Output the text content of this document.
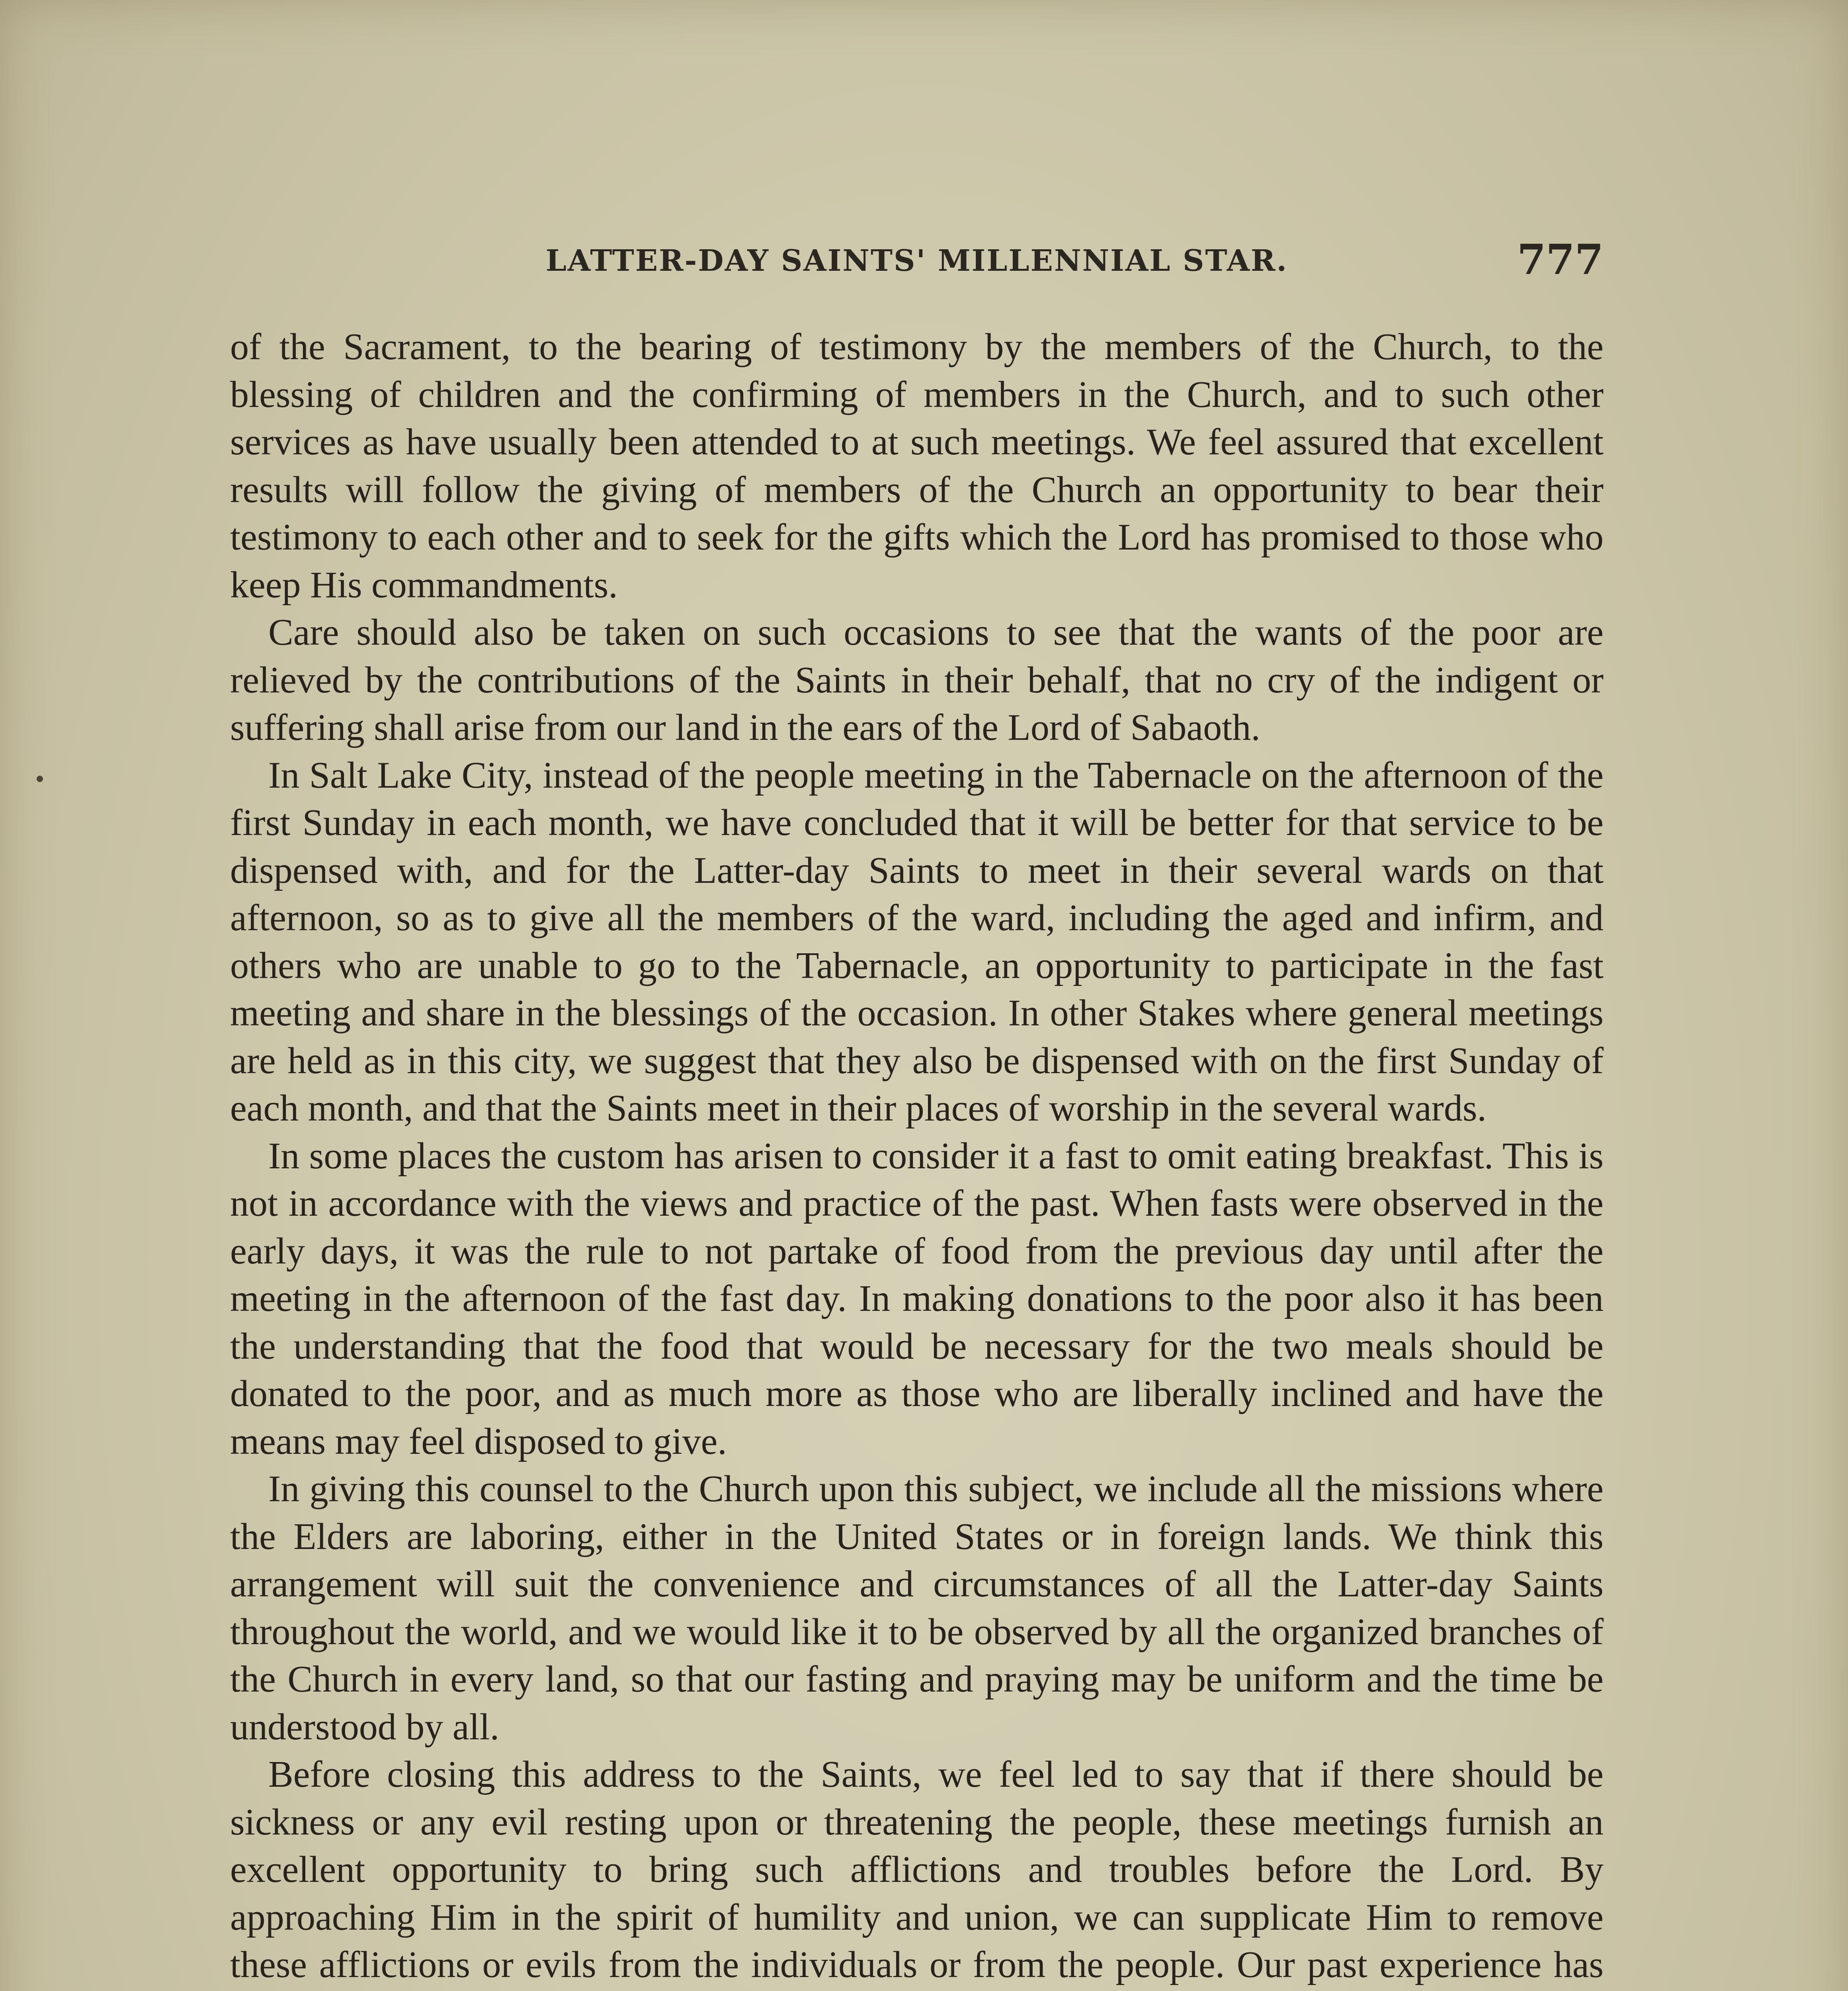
LATTER-DAY SAINTS' MILLENNIAL STAR.	777

of the Sacrament, to the bearing of testimony by the members of the Church, to the blessing of children and the confirming of members in the Church, and to such other services as have usually been attended to at such meetings. We feel assured that excellent results will follow the giving of members of the Church an opportunity to bear their testimony to each other and to seek for the gifts which the Lord has promised to those who keep His commandments.

Care should also be taken on such occasions to see that the wants of the poor are relieved by the contributions of the Saints in their behalf, that no cry of the indigent or suffering shall arise from our land in the ears of the Lord of Sabaoth.

In Salt Lake City, instead of the people meeting in the Tabernacle on the afternoon of the first Sunday in each month, we have concluded that it will be better for that service to be dispensed with, and for the Latter-day Saints to meet in their several wards on that afternoon, so as to give all the members of the ward, including the aged and infirm, and others who are unable to go to the Tabernacle, an opportunity to participate in the fast meeting and share in the blessings of the occasion. In other Stakes where general meetings are held as in this city, we suggest that they also be dispensed with on the first Sunday of each month, and that the Saints meet in their places of worship in the several wards.

In some places the custom has arisen to consider it a fast to omit eating breakfast. This is not in accordance with the views and practice of the past. When fasts were observed in the early days, it was the rule to not partake of food from the previous day until after the meeting in the afternoon of the fast day. In making donations to the poor also it has been the understanding that the food that would be necessary for the two meals should be donated to the poor, and as much more as those who are liberally inclined and have the means may feel disposed to give.

In giving this counsel to the Church upon this subject, we include all the missions where the Elders are laboring, either in the United States or in foreign lands. We think this arrangement will suit the convenience and circumstances of all the Latter-day Saints throughout the world, and we would like it to be observed by all the organized branches of the Church in every land, so that our fasting and praying may be uniform and the time be understood by all.

Before closing this address to the Saints, we feel led to say that if there should be sickness or any evil resting upon or threatening the people, these meetings furnish an excellent opportunity to bring such afflictions and troubles before the Lord. By approaching Him in the spirit of humility and union, we can supplicate Him to remove these afflictions or evils from the individuals or from the people. Our past experience has
